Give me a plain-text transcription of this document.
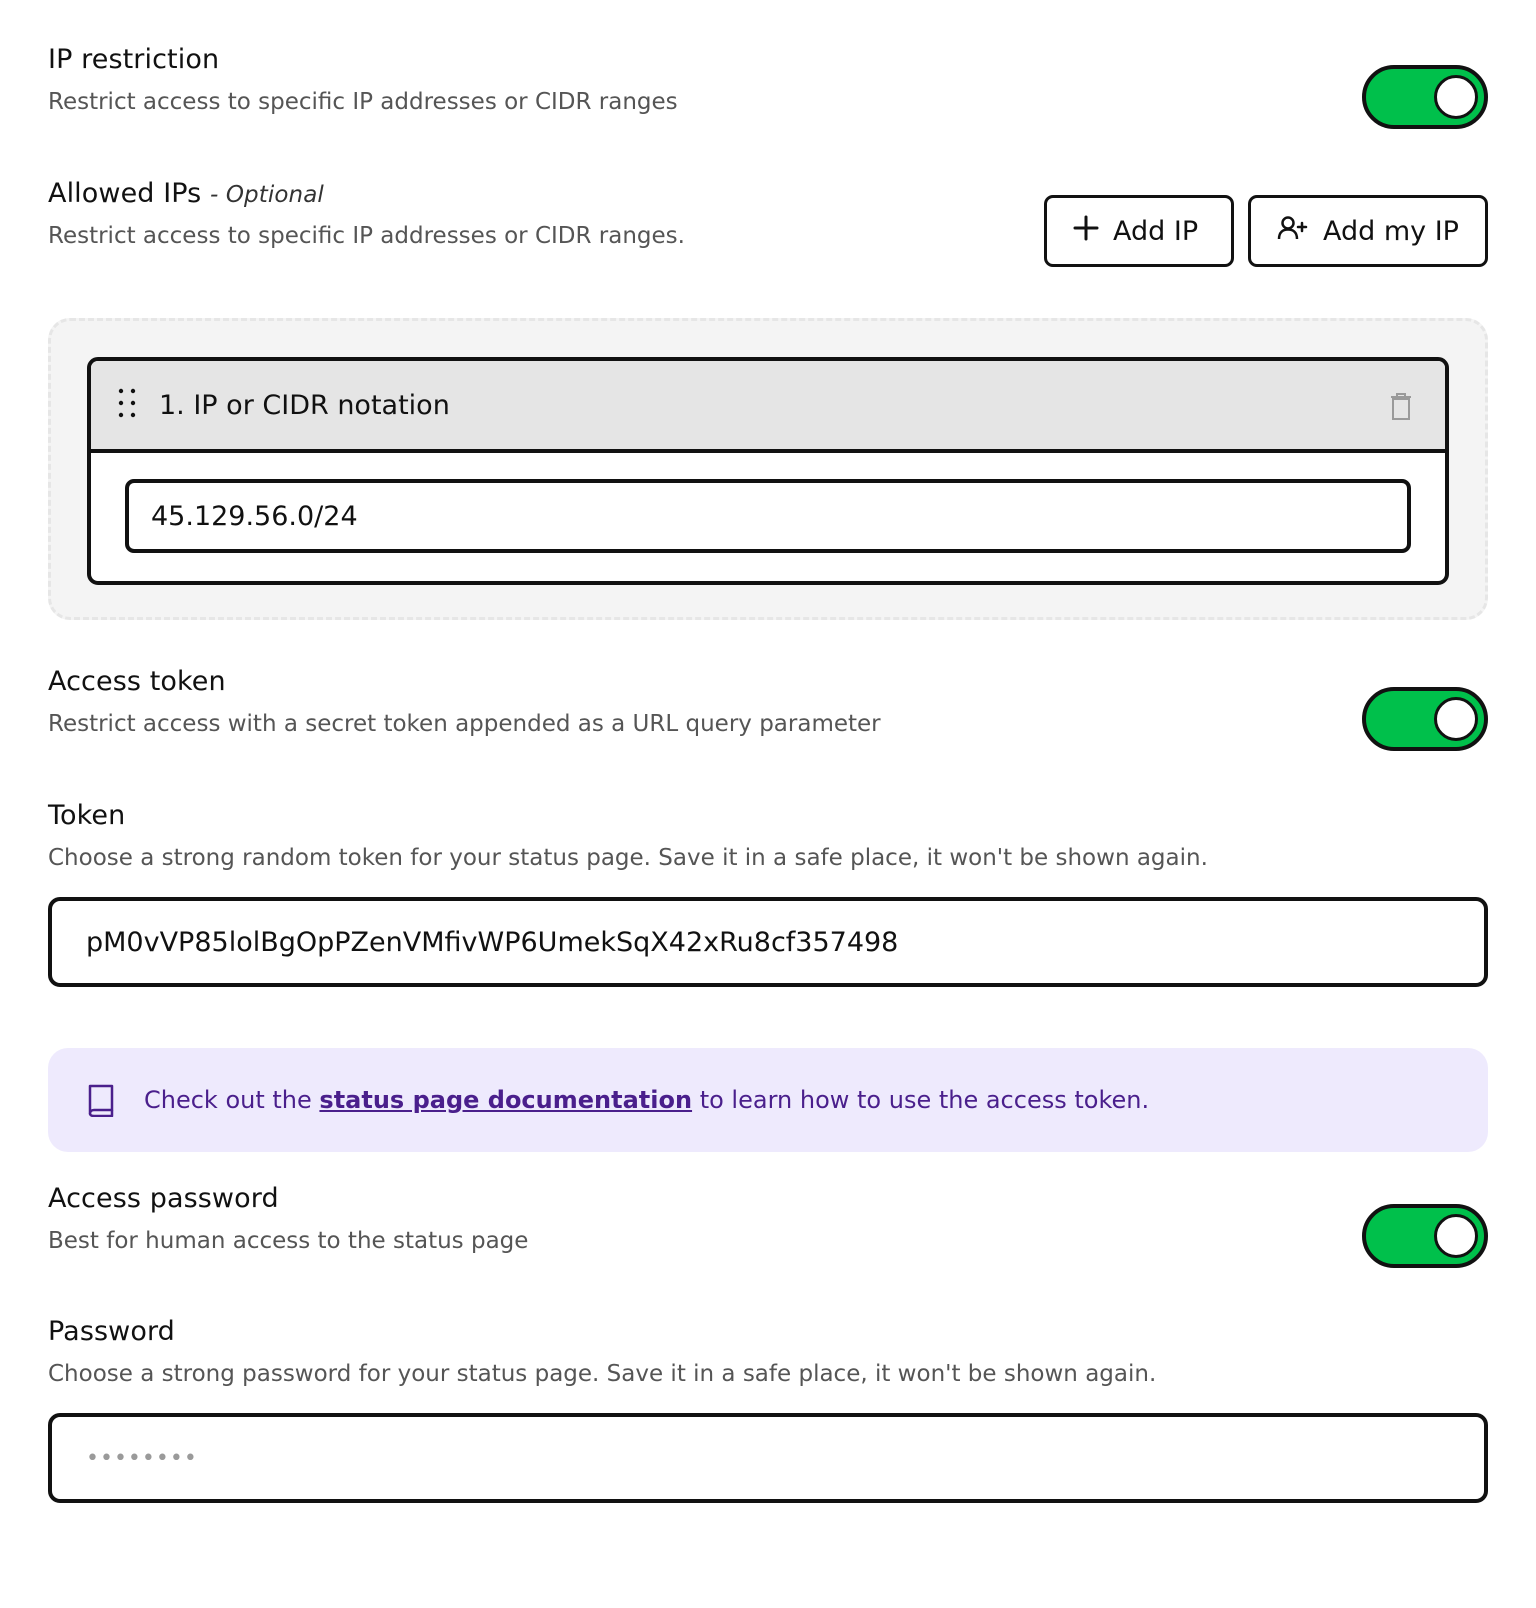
IP restriction
Restrict access to specific IP addresses or CIDR ranges
Allowed IPs - Optional
Restrict access to specific IP addresses or CIDR ranges.	Add IP	Add my IP
1. IP or CIDR notation
45.129.56.0/24
Access token
Restrict access with a secret token appended as a URL query parameter
Token
Choose a strong random token for your status page. Save it in a safe place, it won't be shown again.
pM0vVP85lolBgOpPZenVMfivWP6UmekSqX42xRu8cf357498
Check out the
status page documentation
to learn how to use the access token.
Access password
Best for human access to the status page
Password
Choose a strong password for your status page. Save it in a safe place, it won't be shown again.
••••••••
